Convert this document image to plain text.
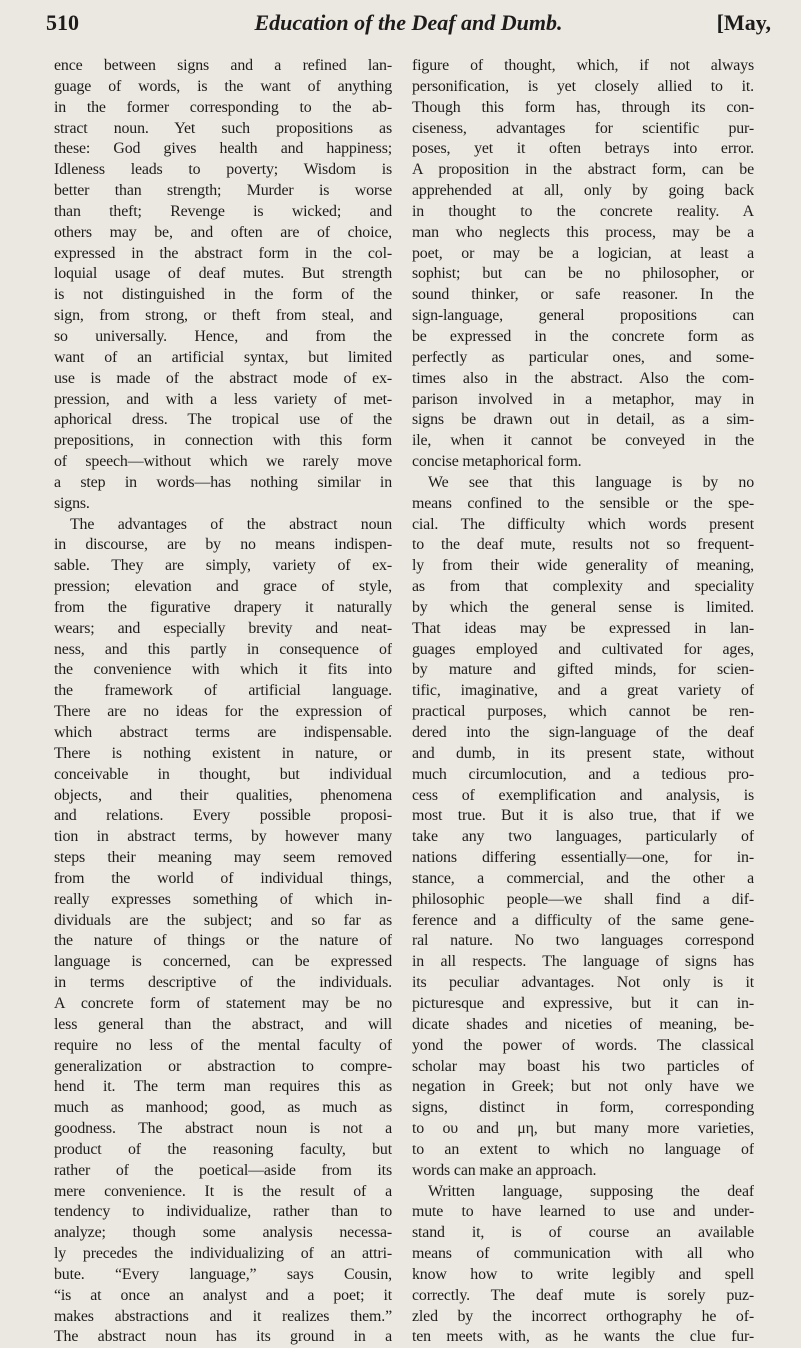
510	Education of the Deaf and Dumb.	[May,
ence between signs and a refined lan-
guage of words, is the want of anything
in the former corresponding to the ab-
stract noun. Yet such propositions as
these: God gives health and happiness;
Idleness leads to poverty; Wisdom is
better than strength; Murder is worse
than theft; Revenge is wicked; and
others may be, and often are of choice,
expressed in the abstract form in the col-
loquial usage of deaf mutes. But strength
is not distinguished in the form of the
sign, from strong, or theft from steal, and
so universally. Hence, and from the
want of an artificial syntax, but limited
use is made of the abstract mode of ex-
pression, and with a less variety of met-
aphorical dress. The tropical use of the
prepositions, in connection with this form
of speech—without which we rarely move
a step in words—has nothing similar in
signs.
The advantages of the abstract noun
in discourse, are by no means indispen-
sable. They are simply, variety of ex-
pression; elevation and grace of style,
from the figurative drapery it naturally
wears; and especially brevity and neat-
ness, and this partly in consequence of
the convenience with which it fits into
the framework of artificial language.
There are no ideas for the expression of
which abstract terms are indispensable.
There is nothing existent in nature, or
conceivable in thought, but individual
objects, and their qualities, phenomena
and relations. Every possible proposi-
tion in abstract terms, by however many
steps their meaning may seem removed
from the world of individual things,
really expresses something of which in-
dividuals are the subject; and so far as
the nature of things or the nature of
language is concerned, can be expressed
in terms descriptive of the individuals.
A concrete form of statement may be no
less general than the abstract, and will
require no less of the mental faculty of
generalization or abstraction to compre-
hend it. The term man requires this as
much as manhood; good, as much as
goodness. The abstract noun is not a
product of the reasoning faculty, but
rather of the poetical—aside from its
mere convenience. It is the result of a
tendency to individualize, rather than to
analyze; though some analysis necessa-
ly precedes the individualizing of an attri-
bute. “Every language,” says Cousin,
“is at once an analyst and a poet; it
makes abstractions and it realizes them.”
The abstract noun has its ground in a
figure of thought, which, if not always
personification, is yet closely allied to it.
Though this form has, through its con-
ciseness, advantages for scientific pur-
poses, yet it often betrays into error.
A proposition in the abstract form, can be
apprehended at all, only by going back
in thought to the concrete reality. A
man who neglects this process, may be a
poet, or may be a logician, at least a
sophist; but can be no philosopher, or
sound thinker, or safe reasoner. In the
sign-language, general propositions can
be expressed in the concrete form as
perfectly as particular ones, and some-
times also in the abstract. Also the com-
parison involved in a metaphor, may in
signs be drawn out in detail, as a sim-
ile, when it cannot be conveyed in the
concise metaphorical form.
We see that this language is by no
means confined to the sensible or the spe-
cial. The difficulty which words present
to the deaf mute, results not so frequent-
ly from their wide generality of meaning,
as from that complexity and speciality
by which the general sense is limited.
That ideas may be expressed in lan-
guages employed and cultivated for ages,
by mature and gifted minds, for scien-
tific, imaginative, and a great variety of
practical purposes, which cannot be ren-
dered into the sign-language of the deaf
and dumb, in its present state, without
much circumlocution, and a tedious pro-
cess of exemplification and analysis, is
most true. But it is also true, that if we
take any two languages, particularly of
nations differing essentially—one, for in-
stance, a commercial, and the other a
philosophic people—we shall find a dif-
ference and a difficulty of the same gene-
ral nature. No two languages correspond
in all respects. The language of signs has
its peculiar advantages. Not only is it
picturesque and expressive, but it can in-
dicate shades and niceties of meaning, be-
yond the power of words. The classical
scholar may boast his two particles of
negation in Greek; but not only have we
signs, distinct in form, corresponding
to ου and μη, but many more varieties,
to an extent to which no language of
words can make an approach.
Written language, supposing the deaf
mute to have learned to use and under-
stand it, is of course an available
means of communication with all who
know how to write legibly and spell
correctly. The deaf mute is sorely puz-
zled by the incorrect orthography he of-
ten meets with, as he wants the clue fur-
